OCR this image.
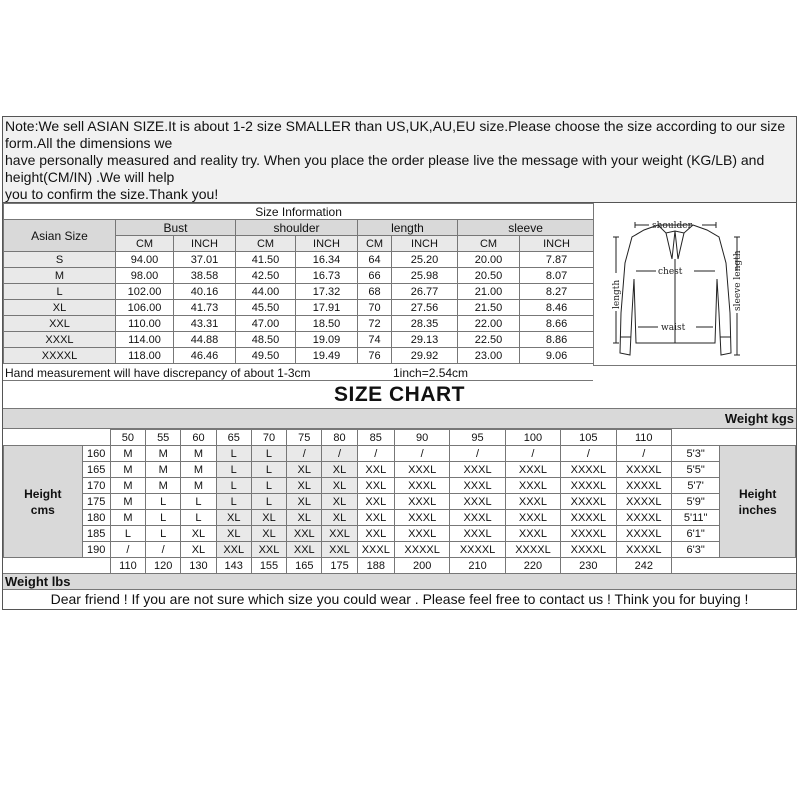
Note:We sell ASIAN SIZE.It is about 1-2 size SMALLER than US,UK,AU,EU size.Please choose the size according to our size
form.All the dimensions we
have personally measured and reality try. When you place the order please live the message with your weight (KG/LB) and
height(CM/IN) .We will help
you to confirm the size.Thank you!
Size Information								
Asian Size	Bust		shoulder		length		sleeve	
	CM	INCH	CM	INCH	CM	INCH	CM	INCH
S	94.00	37.01	41.50	16.34	64	25.20	20.00	7.87
M	98.00	38.58	42.50	16.73	66	25.98	20.50	8.07
L	102.00	40.16	44.00	17.32	68	26.77	21.00	8.27
XL	106.00	41.73	45.50	17.91	70	27.56	21.50	8.46
XXL	110.00	43.31	47.00	18.50	72	28.35	22.00	8.66
XXXL	114.00	44.88	48.50	19.09	74	29.13	22.50	8.86
XXXXL	118.00	46.46	49.50	19.49	76	29.92	23.00	9.06
shoulder
chest
waist
length	sleeve length
Hand measurement will have discrepancy of about 1-3cm	1inch=2.54cm
SIZE CHART
Weight kgs
		50	55	60	65	70	75	80	85	90	95	100	105	110		

Height
cms	160	M	M	M	L	L	/	/	/	/	/	/	/	/	5'3"	Height
inches

	165	M	M	M	L	L	XL	XL	XXL	XXXL	XXXL	XXXL	XXXXL	XXXXL	5'5"	
	170	M	M	M	L	L	XL	XL	XXL	XXXL	XXXL	XXXL	XXXXL	XXXXL	5'7'	
	175	M	L	L	L	L	XL	XL	XXL	XXXL	XXXL	XXXL	XXXXL	XXXXL	5'9"	
	180	M	L	L	XL	XL	XL	XL	XXL	XXXL	XXXL	XXXL	XXXXL	XXXXL	5'11"	
	185	L	L	XL	XL	XL	XXL	XXL	XXL	XXXL	XXXL	XXXL	XXXXL	XXXXL	6'1"	
	190	/	/	XL	XXL	XXL	XXL	XXL	XXXL	XXXXL	XXXXL	XXXXL	XXXXL	XXXXL	6'3"	
		110	120	130	143	155	165	175	188	200	210	220	230	242		
Weight lbs
Dear friend ! If you are not sure which size you could wear . Please feel free to contact us ! Think you for buying !
